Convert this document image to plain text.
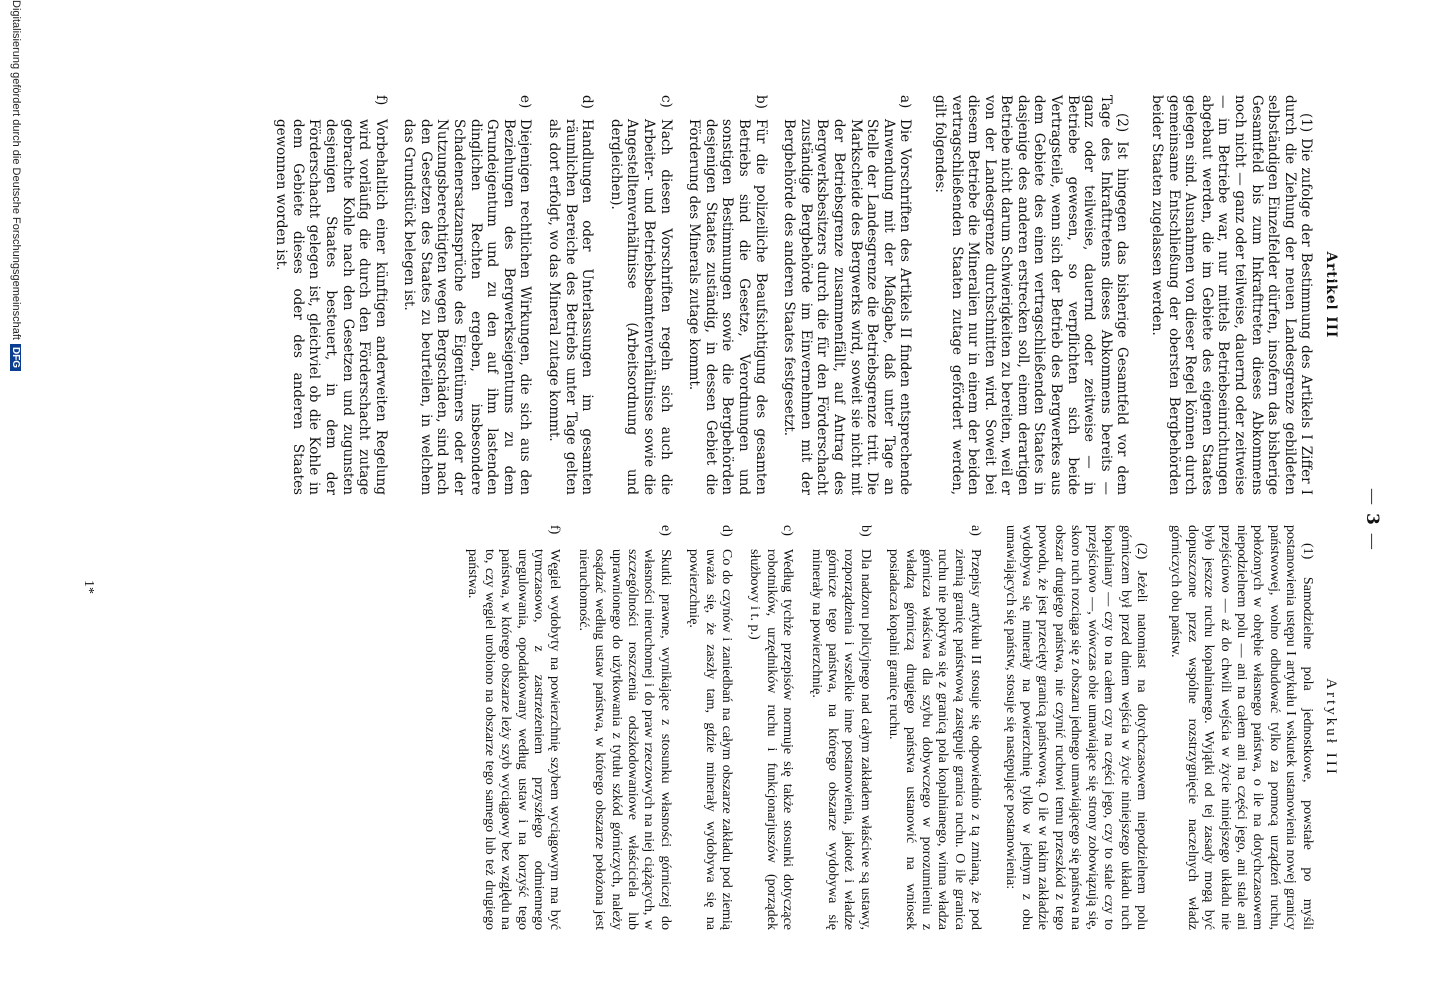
—3—
Artikel III

(1) Die zufolge der Bestimmung des Artikels I Ziffer I durch die Ziehung der neuen Landesgrenze gebildeten selbständigen Einzelfelder dürfen, insofern das bisherige Gesamtfeld bis zum Inkrafttreten dieses Abkommens noch nicht — ganz oder teilweise, dauernd oder zeitweise — im Betriebe war, nur mittels Betriebseinrichtungen abgebaut werden, die im Gebiete des eigenen Staates gelegen sind. Ausnahmen von dieser Regel können durch gemeinsame Entschließung der obersten Bergbehörden beider Staaten zugelassen werden.

(2) Ist hingegen das bisherige Gesamtfeld vor dem Tage des Inkrafttretens dieses Abkommens bereits — ganz oder teilweise, dauernd oder zeitweise — in Betriebe gewesen, so verpflichten sich beide Vertragsteile, wenn sich der Betrieb des Bergwerkes aus dem Gebiete des einen vertragschließenden Staates in dasjenige des anderen erstrecken soll, einem derartigen Betriebe nicht darum Schwierigkeiten zu bereiten, weil er von der Landesgrenze durchschnitten wird. Soweit bei diesem Betriebe die Mineralien nur in einem der beiden vertragschließenden Staaten zutage gefördert werden, gilt folgendes:

a)
Die Vorschriften des Artikels II finden entsprechende Anwendung mit der Maßgabe, daß unter Tage an Stelle der Landesgrenze die Betriebsgrenze tritt. Die Markscheide des Bergwerks wird, soweit sie nicht mit der Betriebsgrenze zusammenfällt, auf Antrag des Bergwerksbesitzers durch die für den Förderschacht zuständige Bergbehörde im Einvernehmen mit der Bergbehörde des anderen Staates festgesetzt.
b)
Für die polizeiliche Beaufsichtigung des gesamten Betriebs sind die Gesetze, Verordnungen und sonstigen Bestimmungen sowie die Bergbehörden desjenigen Staates zuständig, in dessen Gebiet die Förderung des Minerals zutage kommt.
c)
Nach diesen Vorschriften regeln sich auch die Arbeiter- und Betriebsbeamtenverhältnisse sowie die Angestelltenverhältnisse (Arbeitsordnung und dergleichen).
d)
Handlungen oder Unterlassungen im gesamten räumlichen Bereiche des Betriebs unter Tage gelten als dort erfolgt, wo das Mineral zutage kommt.
e)
Diejenigen rechtlichen Wirkungen, die sich aus den Beziehungen des Bergwerkseigentums zu dem Grundeigentum und zu den auf ihm lastenden dinglichen Rechten ergeben, insbesondere Schadenersatzansprüche des Eigentümers oder der Nutzungsberechtigten wegen Bergschäden, sind nach den Gesetzen des Staates zu beurteilen, in welchem das Grundstück belegen ist.
f)
Vorbehaltlich einer künftigen anderweiten Regelung wird vorläufig die durch den Förderschacht zutage gebrachte Kohle nach den Gesetzen und zugunsten desjenigen Staates besteuert, in dem der Förderschacht gelegen ist, gleichviel ob die Kohle in dem Gebiete dieses oder des anderen Staates gewonnen worden ist.
Artykuł III

(1) Samodzielne pola jednostkowe, powstałe po myśli postanowienia ustępu I artykułu I wskutek ustanowienia nowej granicy państwowej, wolno odbudować tylko za pomocą urządzeń ruchu, położonych w obrębie własnego państwa, o ile na dotychczasowem niepodzielnem polu — ani na całem ani na części jego, ani stale ani przejściowo — aż do chwili wejścia w życie niniejszego układu nie było jeszcze ruchu kopalnianego. Wyjątki od tej zasady mogą być dopuszczone przez wspólne rozstrzygnięcie naczelnych władz górniczych obu państw.

(2) Jeżeli natomiast na dotychczasowem niepodzielnem polu górniczem był przed dniem wejścia w życie niniejszego układu ruch kopalniany — czy to na całem czy na części jego, czy to stale czy to przejściowo —, wówczas obie umawiające się strony zobowiązują się, skoro ruch rozciąga się z obszaru jednego umawiającego się państwa na obszar drugiego państwa, nie czynić ruchowi temu przeszkód z tego powodu, że jest przecięty granicą państwową. O ile w takim zakładzie wydobywa się minerały na powierzchnię tylko w jednym z obu umawiających się państw, stosuje się następujące postanowienia:

a)
Przepisy artykułu II stosuje się odpowiednio z tą zmianą, że pod ziemią granicę państwową zastępuje granica ruchu. O ile granica ruchu nie pokrywa się z granicą pola kopalnianego, winna władza górnicza właściwa dla szybu dobywczego w porozumieniu z władzą górniczą drugiego państwa ustanowić na wniosek posiadacza kopalni granicę ruchu.
b)
Dla nadzoru policyjnego nad całym zakładem właściwe są ustawy, rozporządzenia i wszelkie inne postanowienia, jakoteż i władze górnicze tego państwa, na którego obszarze wydobywa się minerały na powierzchnię.
c)
Według tychże przepisów normuje się także stosunki dotyczące robotników, urzędników ruchu i funkcjonarjuszów (porządek służbowy i t. p.)
d)
Co do czynów i zaniedbań na całym obszarze zakładu pod ziemią uważa się, że zaszły tam, gdzie minerały wydobywa się na powierzchnię.
e)
Skutki prawne, wynikające z stosunku własności górniczej do własności nieruchomej i do praw rzeczowych na niej ciążących, w szczególności roszczenia odszkodowaniowe właściciela lub uprawnionego do użytkowania z tytułu szkód górniczych, należy osądzać według ustaw państwa, w którego obszarze położona jest nieruchomość.
f)
Węgiel wydobyty na powierzchnię szybem wyciągowym ma być tymczasowo, z zastrzeżeniem przyszłego odmiennego uregulowania, opodatkowany według ustaw i na korzyść tego państwa, w którego obszarze leży szyb wyciągowy bez względu na to, czy węgiel urobiono na obszarze tego samego lub też drugiego państwa.
1*
Digitalisierung gefördert durch die Deutsche ForschungsgemeinschaftDFG
